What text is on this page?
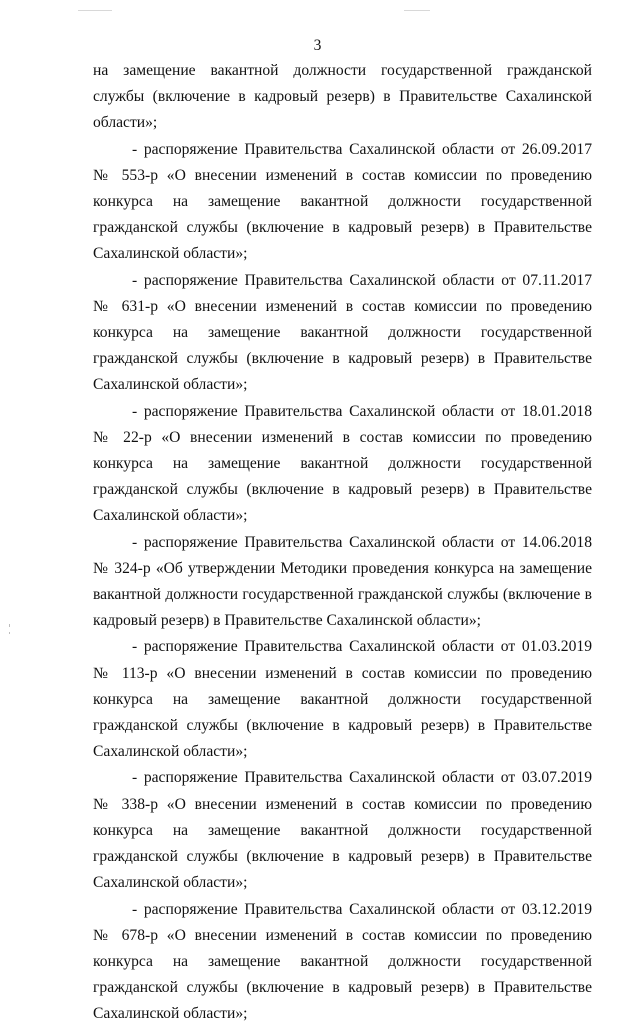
3

на замещение вакантной должности государственной гражданской службы (включение в кадровый резерв) в Правительстве Сахалинской области»;

- распоряжение Правительства Сахалинской области от 26.09.2017 № 553-р «О внесении изменений в состав комиссии по проведению конкурса на замещение вакантной должности государственной гражданской службы (включение в кадровый резерв) в Правительстве Сахалинской области»;

- распоряжение Правительства Сахалинской области от 07.11.2017 № 631-р «О внесении изменений в состав комиссии по проведению конкурса на замещение вакантной должности государственной гражданской службы (включение в кадровый резерв) в Правительстве Сахалинской области»;

- распоряжение Правительства Сахалинской области от 18.01.2018 № 22-р «О внесении изменений в состав комиссии по проведению конкурса на замещение вакантной должности государственной гражданской службы (включение в кадровый резерв) в Правительстве Сахалинской области»;

- распоряжение Правительства Сахалинской области от 14.06.2018 № 324-р «Об утверждении Методики проведения конкурса на замещение вакантной должности государственной гражданской службы (включение в кадровый резерв) в Правительстве Сахалинской области»;

- распоряжение Правительства Сахалинской области от 01.03.2019 № 113-р «О внесении изменений в состав комиссии по проведению конкурса на замещение вакантной должности государственной гражданской службы (включение в кадровый резерв) в Правительстве Сахалинской области»;

- распоряжение Правительства Сахалинской области от 03.07.2019 № 338-р «О внесении изменений в состав комиссии по проведению конкурса на замещение вакантной должности государственной гражданской службы (включение в кадровый резерв) в Правительстве Сахалинской области»;

- распоряжение Правительства Сахалинской области от 03.12.2019 № 678-р «О внесении изменений в состав комиссии по проведению конкурса на замещение вакантной должности государственной гражданской службы (включение в кадровый резерв) в Правительстве Сахалинской области»;
